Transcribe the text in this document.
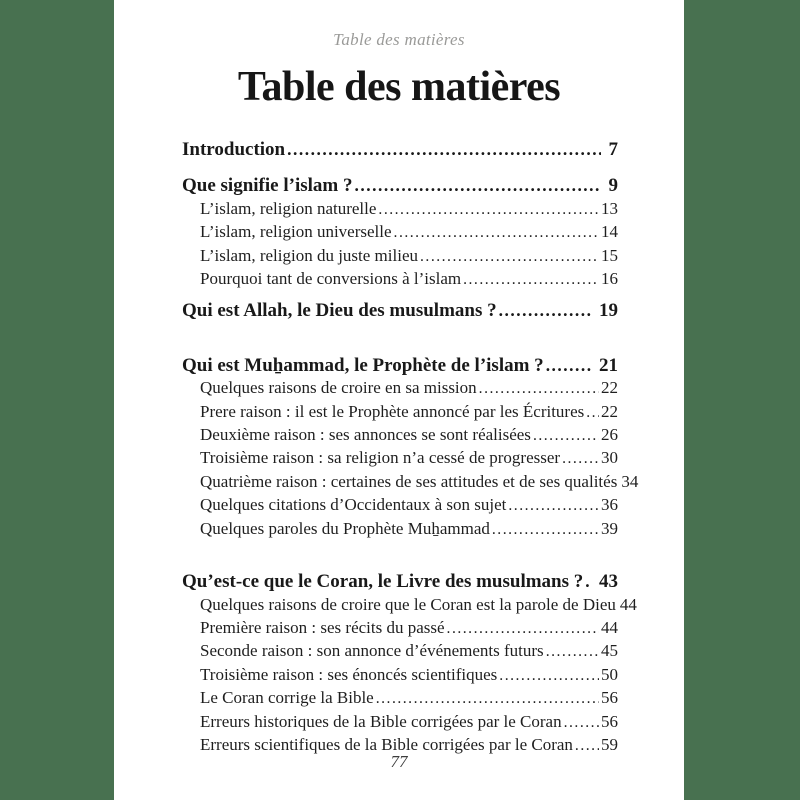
Table des matières
Table des matières
Introduction .....	7
Que signifie l’islam ? .....	9
L’islam, religion naturelle .....	13
L’islam, religion universelle .....	14
L’islam, religion du juste milieu .....	15
Pourquoi tant de conversions à l’islam .....	16
Qui est Allah, le Dieu des musulmans ? .....	19
Qui est Muẖammad, le Prophète de l’islam ? .....	21
Quelques raisons de croire en sa mission .....	22
Prere raison : il est le Prophète annoncé par les Écritures ..... 22
Deuxième raison : ses annonces se sont réalisées .....	26
Troisième raison : sa religion n’a cessé de progresser ..... 30
Quatrième raison : certaines de ses attitudes et de ses qualités 34
Quelques citations d’Occidentaux à son sujet .....	36
Quelques paroles du Prophète Muẖammad .....	39
Qu’est-ce que le Coran, le Livre des musulmans ? ..... 43
Quelques raisons de croire que le Coran est la parole de Dieu 44
Première raison : ses récits du passé .....	44
Seconde raison : son annonce d’événements futurs .....	45
Troisième raison : ses énoncés scientifiques .....	50
Le Coran corrige la Bible .....	56
Erreurs historiques de la Bible corrigées par le Coran ..... 56
Erreurs scientifiques de la Bible corrigées par le Coran ..... 59
77
